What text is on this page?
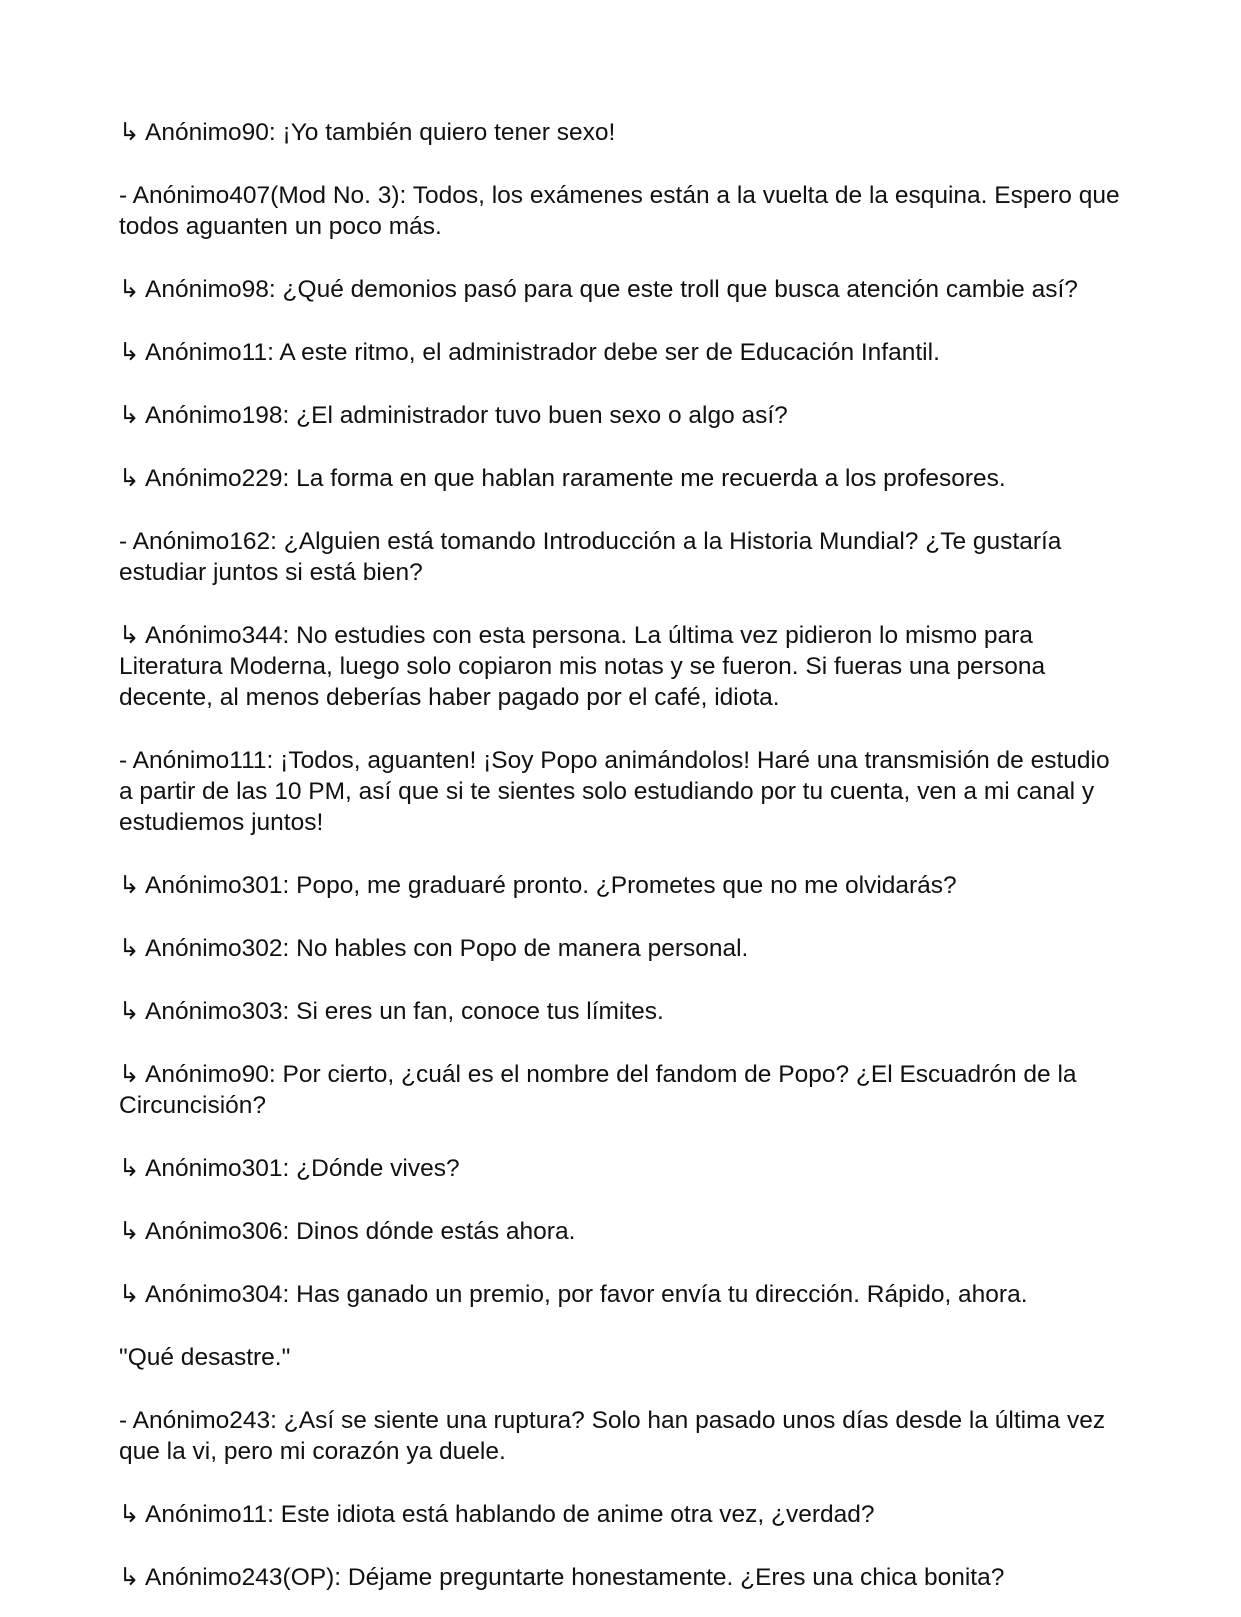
↳ Anónimo90: ¡Yo también quiero tener sexo!

- Anónimo407(Mod No. 3): Todos, los exámenes están a la vuelta de la esquina. Espero que todos aguanten un poco más.

↳ Anónimo98: ¿Qué demonios pasó para que este troll que busca atención cambie así?

↳ Anónimo11: A este ritmo, el administrador debe ser de Educación Infantil.

↳ Anónimo198: ¿El administrador tuvo buen sexo o algo así?

↳ Anónimo229: La forma en que hablan raramente me recuerda a los profesores.

- Anónimo162: ¿Alguien está tomando Introducción a la Historia Mundial? ¿Te gustaría estudiar juntos si está bien?

↳ Anónimo344: No estudies con esta persona. La última vez pidieron lo mismo para Literatura Moderna, luego solo copiaron mis notas y se fueron. Si fueras una persona decente, al menos deberías haber pagado por el café, idiota.

- Anónimo111: ¡Todos, aguanten! ¡Soy Popo animándolos! Haré una transmisión de estudio a partir de las 10 PM, así que si te sientes solo estudiando por tu cuenta, ven a mi canal y estudiemos juntos!

↳ Anónimo301: Popo, me graduaré pronto. ¿Prometes que no me olvidarás?

↳ Anónimo302: No hables con Popo de manera personal.

↳ Anónimo303: Si eres un fan, conoce tus límites.

↳ Anónimo90: Por cierto, ¿cuál es el nombre del fandom de Popo? ¿El Escuadrón de la Circuncisión?

↳ Anónimo301: ¿Dónde vives?

↳ Anónimo306: Dinos dónde estás ahora.

↳ Anónimo304: Has ganado un premio, por favor envía tu dirección. Rápido, ahora.

"Qué desastre."

- Anónimo243: ¿Así se siente una ruptura? Solo han pasado unos días desde la última vez que la vi, pero mi corazón ya duele.

↳ Anónimo11: Este idiota está hablando de anime otra vez, ¿verdad?

↳ Anónimo243(OP): Déjame preguntarte honestamente. ¿Eres una chica bonita?
